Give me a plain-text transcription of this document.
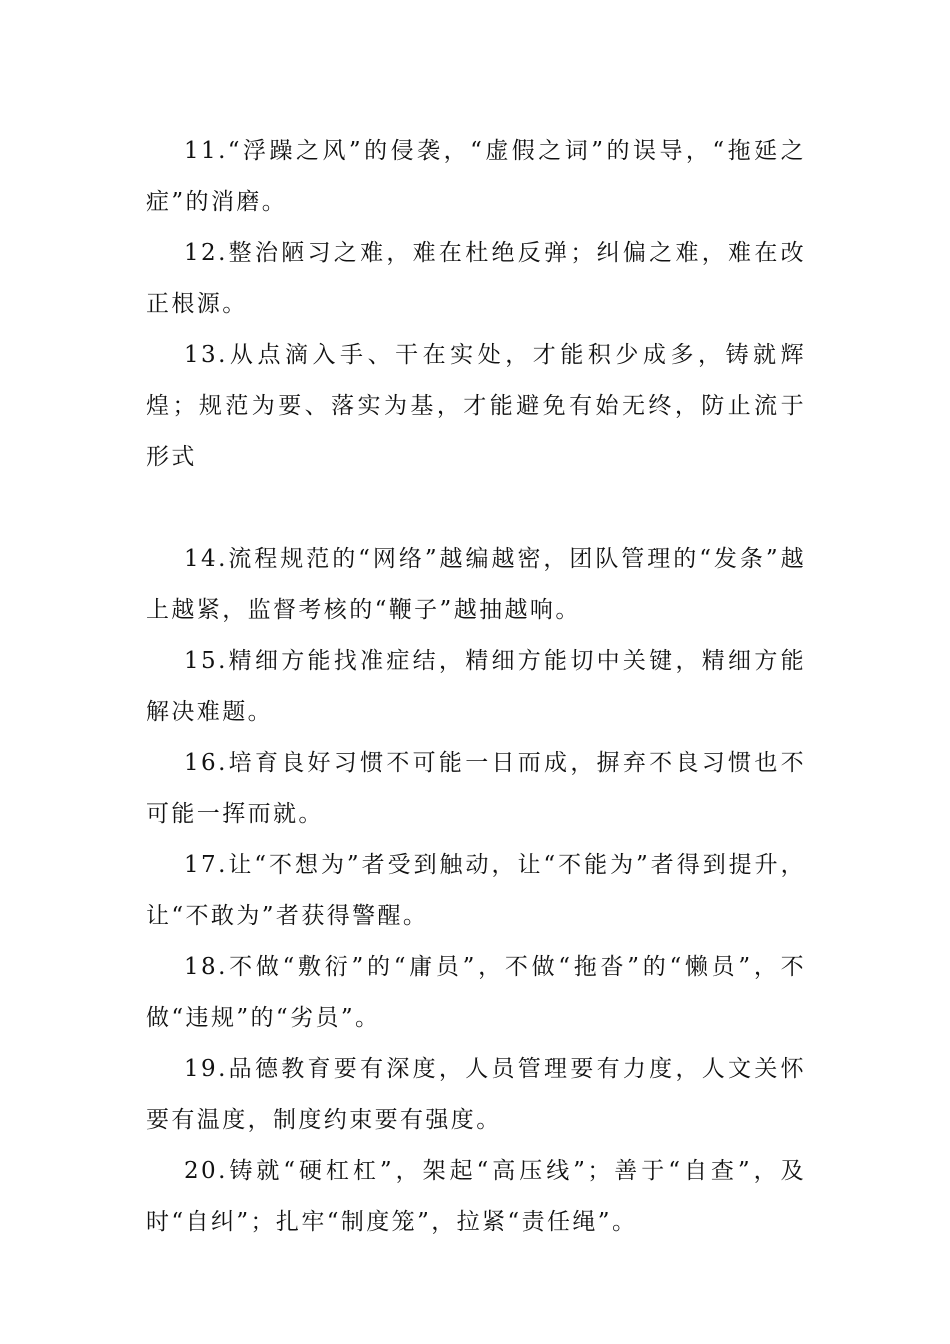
11.“浮躁之风”的侵袭，“虚假之词”的误导，“拖延之症”的消磨。

12.整治陋习之难，难在杜绝反弹；纠偏之难，难在改正根源。

13.从点滴入手、干在实处，才能积少成多，铸就辉煌；规范为要、落实为基，才能避免有始无终，防止流于形式

14.流程规范的“网络”越编越密，团队管理的“发条”越上越紧，监督考核的“鞭子”越抽越响。

15.精细方能找准症结，精细方能切中关键，精细方能解决难题。

16.培育良好习惯不可能一日而成，摒弃不良习惯也不可能一挥而就。

17.让“不想为”者受到触动，让“不能为”者得到提升，让“不敢为”者获得警醒。

18.不做“敷衍”的“庸员”，不做“拖沓”的“懒员”，不做“违规”的“劣员”。

19.品德教育要有深度，人员管理要有力度，人文关怀要有温度，制度约束要有强度。

20.铸就“硬杠杠”，架起“高压线”；善于“自查”，及时“自纠”；扎牢“制度笼”，拉紧“责任绳”。
